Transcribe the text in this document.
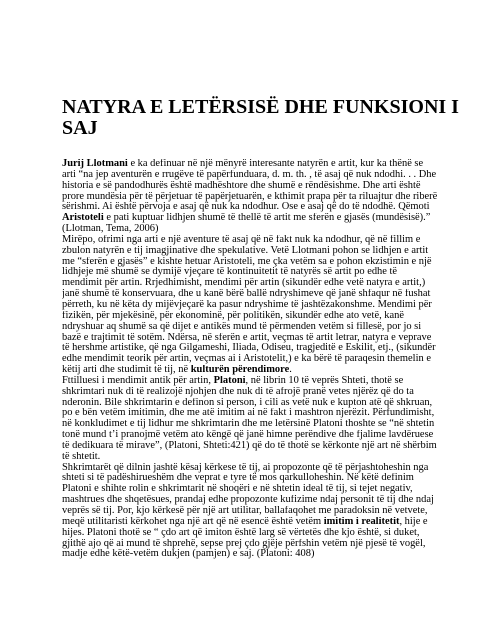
NATYRA E LETËRSISË DHE FUNKSIONI I SAJ
Jurij Llotmani e ka definuar në një mënyrë interesante natyrën e artit, kur ka thënë se
arti “na jep aventurën e rrugëve të papërfunduara, d. m. th. , të asaj që nuk ndodhi. . . Dhe
historia e së pandodhurës është madhështore dhe shumë e rëndësishme. Dhe arti është
prore mundësia për të përjetuar të papërjetuarën, e kthimit prapa për ta riluajtur dhe riberë
sërishmi. Ai është përvoja e asaj që nuk ka ndodhur. Ose e asaj që do të ndodhë. Qëmoti
Aristoteli e pati kuptuar lidhjen shumë të thellë të artit me sferën e gjasës (mundësisë).”
(Llotman, Tema, 2006)
Mirëpo, ofrimi nga arti e një aventure të asaj që në fakt nuk ka ndodhur, që në fillim e
zbulon natyrën e tij imagjinative dhe spekulative. Vetë Llotmani pohon se lidhjen e artit
me “sferën e gjasës” e kishte hetuar Aristoteli, me çka vetëm sa e pohon ekzistimin e një
lidhjeje më shumë se dymijë vjeçare të kontinuitetit të natyrës së artit po edhe të
mendimit për artin. Rrjedhimisht, mendimi për artin (sikundër edhe vetë natyra e artit,)
janë shumë të konservuara, dhe u kanë bërë ballë ndryshimeve që janë shfaqur në fushat
përreth, ku në këta dy mijëvjeçarë ka pasur ndryshime të jashtëzakonshme. Mendimi për
fizikën, për mjekësinë, për ekonominë, për politikën, sikundër edhe ato vetë, kanë
ndryshuar aq shumë sa që dijet e antikës mund të përmenden vetëm si fillesë, por jo si
bazë e trajtimit të sotëm. Ndërsa, në sferën e artit, veçmas të artit letrar, natyra e veprave
të hershme artistike, që nga Gilgameshi, Iliada, Odiseu, tragjeditë e Eskilit, etj., (sikundër
edhe mendimit teorik për artin, veçmas ai i Aristotelit,) e ka bërë të paraqesin themelin e
këtij arti dhe studimit të tij, në kulturën përendimore.
Fttilluesi i mendimit antik për artin, Platoni, në librin 10 të veprës Shteti, thotë se
shkrimtari nuk di të realizojë njohjen dhe nuk di të afrojë pranë vetes njërëz që do ta
nderonin. Bile shkrimtarin e definon si person, i cili as vetë nuk e kupton atë që shkruan,
po e bën vetëm imitimin, dhe me atë imitim ai në fakt i mashtron njerëzit. Përfundimisht,
në konkludimet e tij lidhur me shkrimtarin dhe me letërsinë Platoni thoshte se “në shtetin
tonë mund t’i pranojmë vetëm ato këngë që janë himne perëndive dhe fjalime lavdëruese
të dedikuara të mirave”, (Platoni, Shteti:421) që do të thotë se kërkonte një art në shërbim
të shtetit.
Shkrimtarët që dilnin jashtë kësaj kërkese të tij, ai propozonte që të përjashtoheshin nga
shteti si të padëshirueshëm dhe veprat e tyre të mos qarkulloheshin. Në këtë definim
Platoni e shihte rolin e shkrimtarit në shoqëri e në shtetin ideal të tij, si tejet negativ,
mashtrues dhe shqetësues, prandaj edhe propozonte kufizime ndaj personit të tij dhe ndaj
veprës së tij. Por, kjo kërkesë për një art utilitar, ballafaqohet me paradoksin në vetvete,
meqë utilitaristi kërkohet nga një art që në esencë është vetëm imitim i realitetit, hije e
hijes. Platoni thotë se “ çdo art që imiton është larg së vërtetës dhe kjo është, si duket,
gjithë ajo që ai mund të shprehë, sepse prej çdo gjëje përfshin vetëm një pjesë të vogël,
madje edhe këtë-vetëm dukjen (pamjen) e saj. (Platoni: 408)
